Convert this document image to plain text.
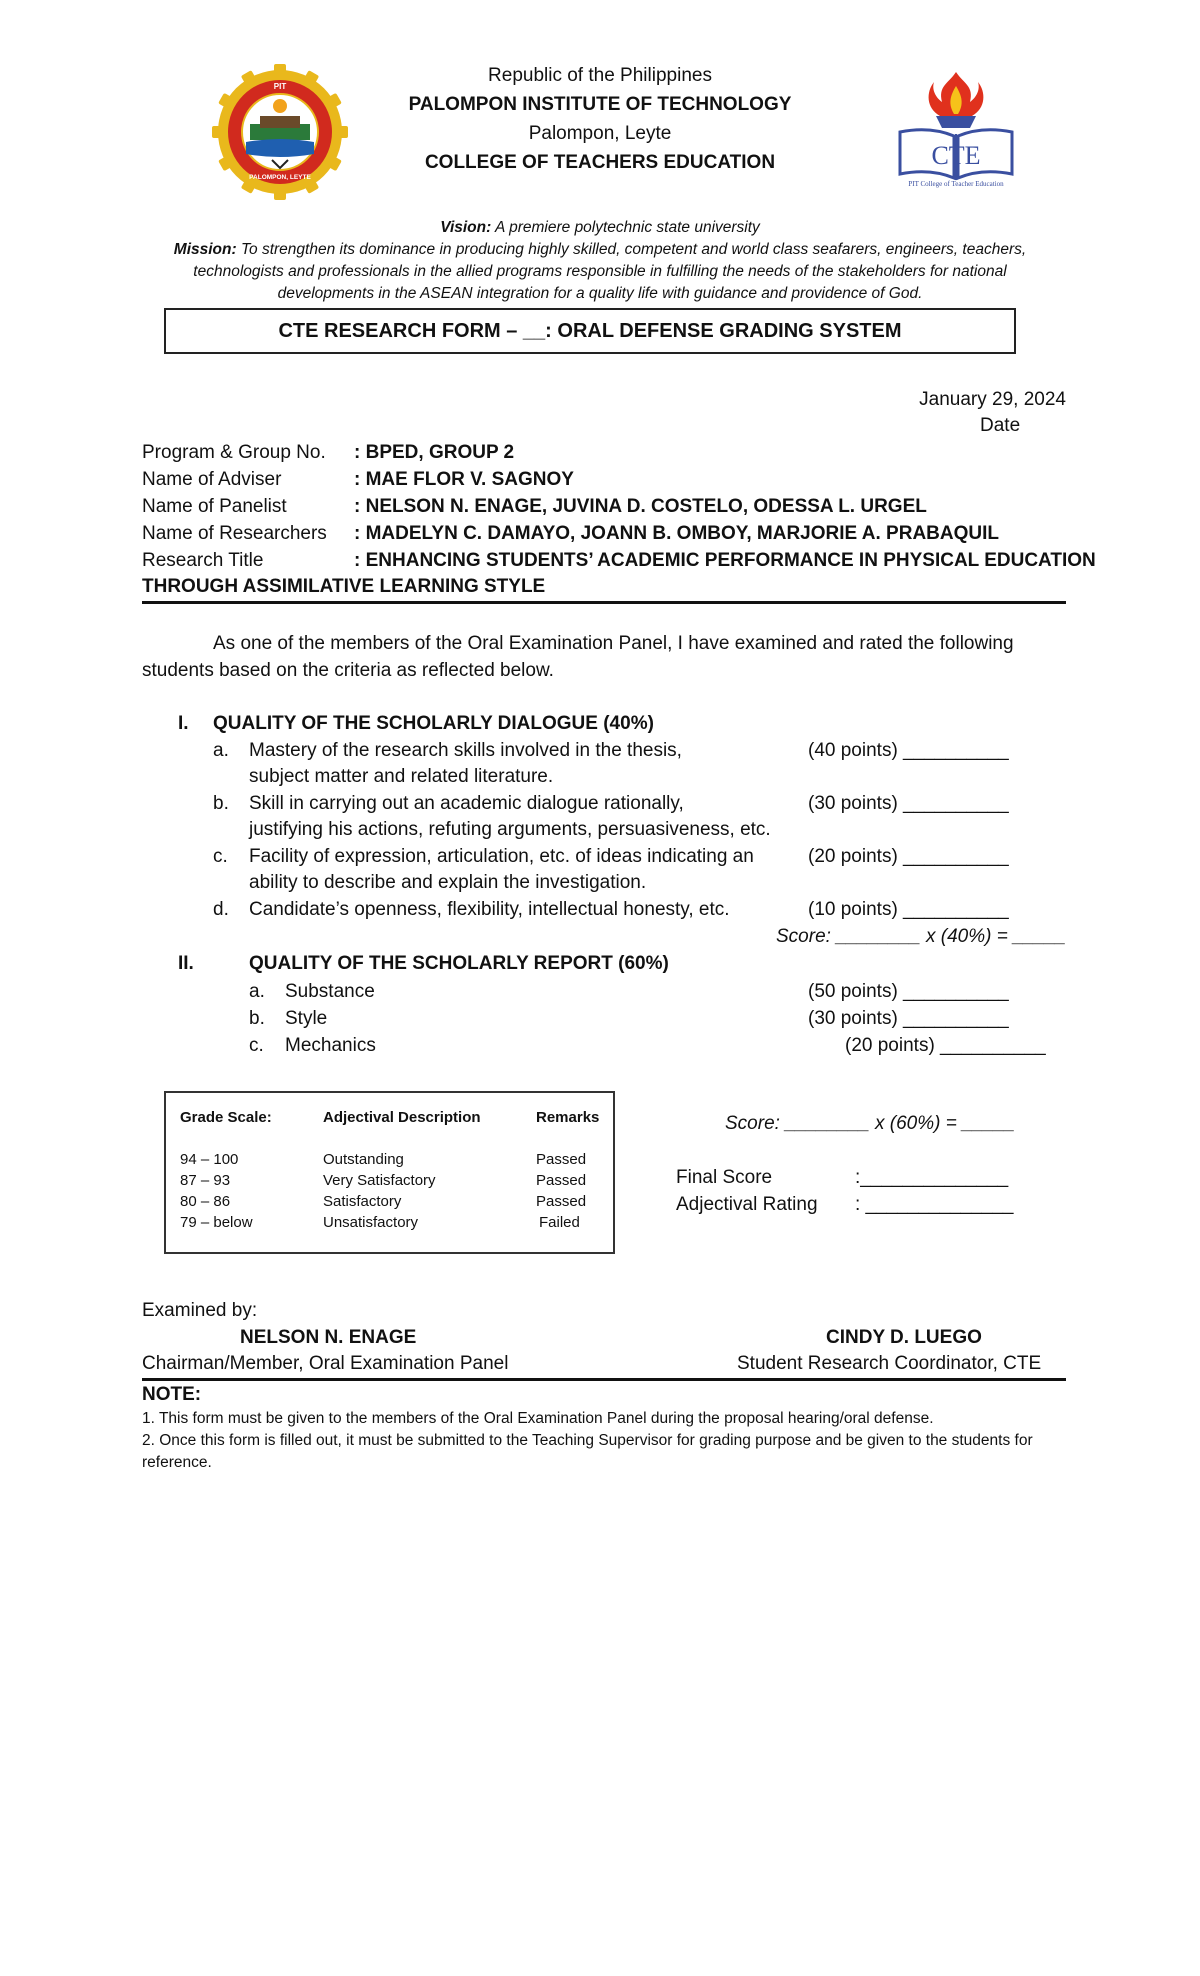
PIT
PALOMPON, LEYTE
CTE
PIT College of Teacher Education
Republic of the Philippines
PALOMPON INSTITUTE OF TECHNOLOGY
Palompon, Leyte
COLLEGE OF TEACHERS EDUCATION
Vision: A premiere polytechnic state university
Mission: To strengthen its dominance in producing highly skilled, competent and world class seafarers, engineers, teachers,
technologists and professionals in the allied programs responsible in fulfilling the needs of the stakeholders for national
developments in the ASEAN integration for a quality life with guidance and providence of God.
CTE RESEARCH FORM – __: ORAL DEFENSE GRADING SYSTEM
January 29, 2024
Date
Program & Group No. : BPED, GROUP 2
Name of Adviser	: MAE FLOR V. SAGNOY
Name of Panelist	: NELSON N. ENAGE, JUVINA D. COSTELO, ODESSA L. URGEL
Name of Researchers : MADELYN C. DAMAYO, JOANN B. OMBOY, MARJORIE A. PRABAQUIL
Research Title	: ENHANCING STUDENTS’ ACADEMIC PERFORMANCE IN PHYSICAL EDUCATION
THROUGH ASSIMILATIVE LEARNING STYLE
As one of the members of the Oral Examination Panel, I have examined and rated the following
students based on the criteria as reflected below.
I. QUALITY OF THE SCHOLARLY DIALOGUE (40%)
a. Mastery of the research skills involved in the thesis,
subject matter and related literature.
(40 points) __________
b. Skill in carrying out an academic dialogue rationally,
justifying his actions, refuting arguments, persuasiveness, etc.
(30 points) __________
c. Facility of expression, articulation, etc. of ideas indicating an
ability to describe and explain the investigation.
(20 points) __________
d. Candidate’s openness, flexibility, intellectual honesty, etc.	(10 points) __________
Score: ________ x (40%) = _____
II.	QUALITY OF THE SCHOLARLY REPORT (60%)
a. Substance	(50 points) __________
b. Style	(30 points) __________
c. Mechanics	(20 points) __________
Grade Scale:	Adjectival Description	Remarks
94 – 100	Outstanding	Passed
87 – 93	Very Satisfactory	Passed
80 – 86	Satisfactory	Passed
79 – below	Unsatisfactory	Failed
Score: ________ x (60%) = _____
Final Score	:______________
Adjectival Rating : ______________
Examined by:
NELSON N. ENAGE
Chairman/Member, Oral Examination Panel
CINDY D. LUEGO
Student Research Coordinator, CTE
NOTE:
1. This form must be given to the members of the Oral Examination Panel during the proposal hearing/oral defense.
2. Once this form is filled out, it must be submitted to the Teaching Supervisor for grading purpose and be given to the students for reference.
